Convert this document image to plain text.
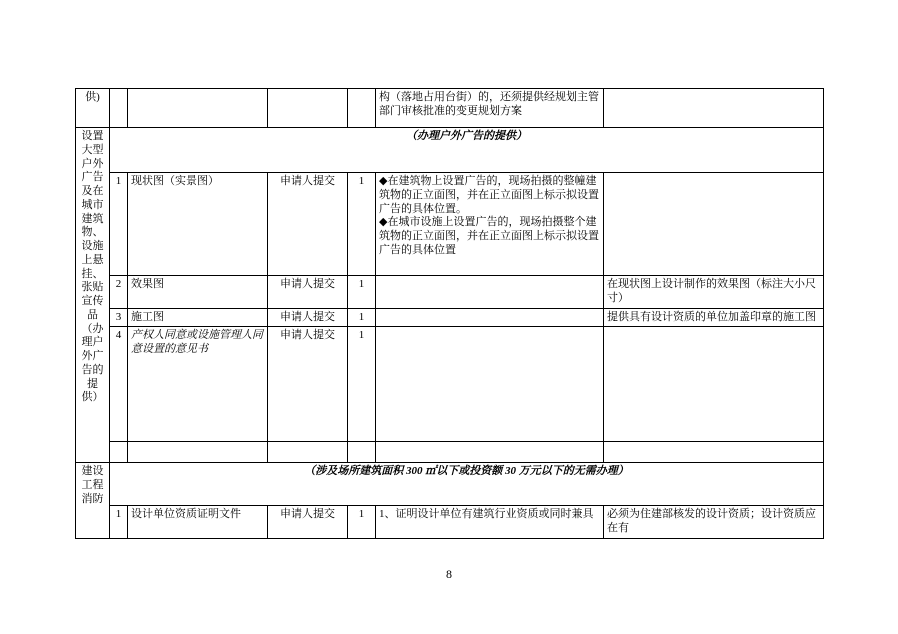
供)					构（落地占用台街）的，还须提供经规划主管部门审核批准的变更规划方案	
设置大型户外广告及在城市建筑物、设施上悬挂、张贴宣传品（办理户外广告的提供）	（办理户外广告的提供）					
	1	现状图（实景图）	申请人提交	1	◆在建筑物上设置广告的，现场拍摄的整幢建筑物的正立面图，并在正立面图上标示拟设置广告的具体位置。

◆在城市设施上设置广告的，现场拍摄整个建筑物的正立面图，并在正立面图上标示拟设置广告的具体位置	

	2	效果图	申请人提交	1		在现状图上设计制作的效果图（标注大小尺寸）
	3	施工图	申请人提交	1		提供具有设计资质的单位加盖印章的施工图
	4	产权人同意或设施管理人同意设置的意见书	申请人提交	1		

建设工程消防	（涉及场所建筑面积 300 ㎡以下或投资额 30 万元以下的无需办理）					
	1	设计单位资质证明文件	申请人提交	1	1、证明设计单位有建筑行业资质或同时兼具	必须为住建部核发的设计资质；设计资质应在有
8
